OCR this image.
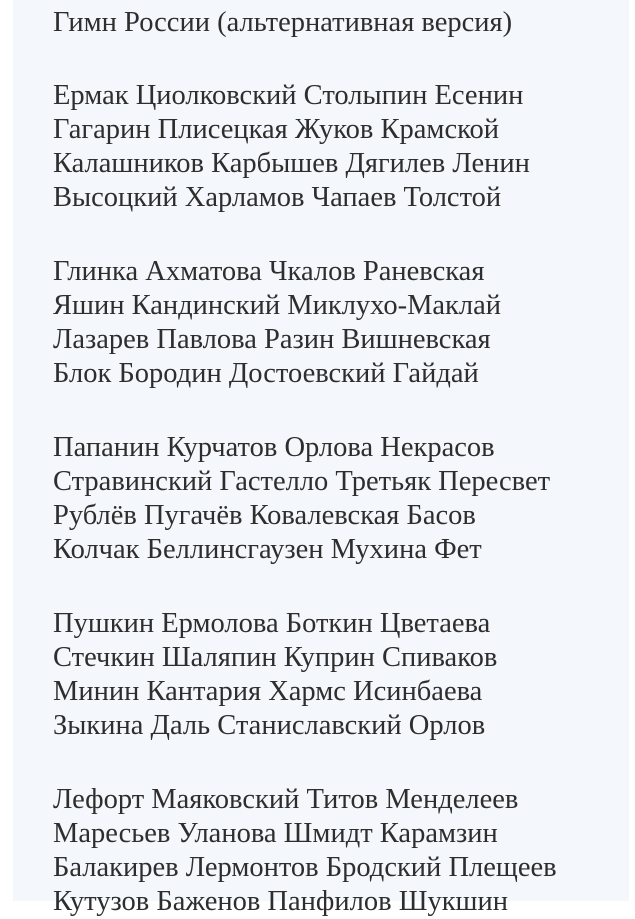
Гимн России (альтернативная версия)
Ермак Циолковский Столыпин Есенин
Гагарин Плисецкая Жуков Крамской
Калашников Карбышев Дягилев Ленин
Высоцкий Харламов Чапаев Толстой
Глинка Ахматова Чкалов Раневская
Яшин Кандинский Миклухо-Маклай
Лазарев Павлова Разин Вишневская
Блок Бородин Достоевский Гайдай
Папанин Курчатов Орлова Некрасов
Стравинский Гастелло Третьяк Пересвет
Рублёв Пугачёв Ковалевская Басов
Колчак Беллинсгаузен Мухина Фет
Пушкин Ермолова Боткин Цветаева
Стечкин Шаляпин Куприн Спиваков
Минин Кантария Хармс Исинбаева
Зыкина Даль Станиславский Орлов
Лефорт Маяковский Титов Менделеев
Маресьев Уланова Шмидт Карамзин
Балакирев Лермонтов Бродский Плещеев
Кутузов Баженов Панфилов Шукшин
